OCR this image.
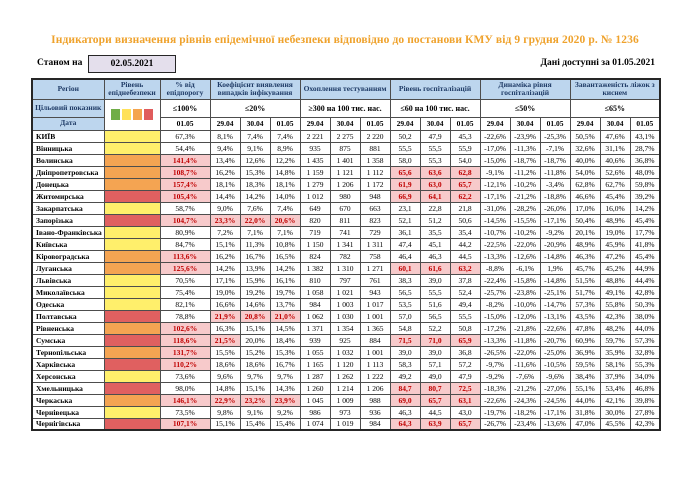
Індикатори визначення рівнів епідемічної небезпеки відповідно до постанови КМУ від 9 грудня 2020 р. № 1236
Станом на	02.05.2021	Дані доступні за 01.05.2021
Регіон	Рівень епіднебезпеки	% від епідпорогу	Коефіцієнт виявлення випадків інфікування			Охоплення тестуванням			Рівень госпіталізацій			Динаміка рівня госпіталізацій			Завантаженість ліжок з киснем		
Цільовий показник		≤100%	≤20%			≥300 на 100 тис. нас.			≤60 на 100 тис. нас.			≤50%			≤65%		
Дата		01.05	29.04	30.04	01.05	29.04	30.04	01.05	29.04	30.04	01.05	29.04	30.04	01.05	29.04	30.04	01.05
КИЇВ		67,3%	8,1%	7,4%	7,4%	2 221	2 275	2 220	50,2	47,9	45,3	-22,6%	-23,9%	-25,3%	50,5%	47,6%	43,1%
Вінницька		54,4%	9,4%	9,1%	8,9%	935	875	881	55,5	55,5	55,9	-17,0%	-11,3%	-7,1%	32,6%	31,1%	28,7%
Волинська		141,4%	13,4%	12,6%	12,2%	1 435	1 401	1 358	58,0	55,3	54,0	-15,0%	-18,7%	-18,7%	40,0%	40,6%	36,8%
Дніпропетровська		108,7%	16,2%	15,3%	14,8%	1 159	1 121	1 112	65,6	63,6	62,8	-9,1%	-11,2%	-11,8%	54,0%	52,6%	48,0%
Донецька		157,4%	18,1%	18,3%	18,1%	1 279	1 206	1 172	61,9	63,0	65,7	-12,1%	-10,2%	-3,4%	62,8%	62,7%	59,8%
Житомирська		105,4%	14,4%	14,2%	14,0%	1 012	980	948	66,9	64,1	62,2	-17,1%	-21,2%	-18,8%	46,6%	45,4%	39,2%
Закарпатська		58,7%	9,0%	7,6%	7,4%	649	670	663	23,1	22,8	21,8	-31,0%	-28,2%	-26,0%	17,0%	16,0%	14,2%
Запорізька		104,7%	23,3%	22,0%	20,6%	820	811	823	52,1	51,2	50,6	-14,5%	-15,5%	-17,1%	50,4%	48,9%	45,4%
Івано-Франківська		80,9%	7,2%	7,1%	7,1%	719	741	729	36,1	35,5	35,4	-10,7%	-10,2%	-9,2%	20,1%	19,0%	17,7%
Київська		84,7%	15,1%	11,3%	10,8%	1 150	1 341	1 311	47,4	45,1	44,2	-22,5%	-22,0%	-20,9%	48,9%	45,9%	41,8%
Кіровоградська		113,6%	16,2%	16,7%	16,5%	824	782	758	46,4	46,3	44,5	-13,3%	-12,6%	-14,8%	46,3%	47,2%	45,4%
Луганська		125,6%	14,2%	13,9%	14,2%	1 382	1 310	1 271	60,1	61,6	63,2	-8,8%	-6,1%	1,9%	45,7%	45,2%	44,9%
Львівська		70,5%	17,1%	15,9%	16,1%	810	797	761	38,3	39,0	37,8	-22,4%	-15,8%	-14,8%	51,5%	48,8%	44,4%
Миколаївська		75,4%	19,0%	19,2%	19,7%	1 058	1 021	943	56,5	55,5	52,4	-25,7%	-23,8%	-25,1%	51,7%	49,1%	42,8%
Одеська		82,1%	16,6%	14,6%	13,7%	984	1 003	1 017	53,5	51,6	49,4	-8,2%	-10,0%	-14,7%	57,3%	55,8%	50,3%
Полтавська		78,8%	21,9%	20,8%	21,0%	1 062	1 030	1 001	57,0	56,5	55,5	-15,0%	-12,0%	-13,1%	43,5%	42,3%	38,0%
Рівненська		102,6%	16,3%	15,1%	14,5%	1 371	1 354	1 365	54,8	52,2	50,8	-17,2%	-21,8%	-22,6%	47,8%	48,2%	44,0%
Сумська		118,6%	21,5%	20,0%	18,4%	939	925	884	71,5	71,0	65,9	-13,3%	-11,8%	-20,7%	60,9%	59,7%	57,3%
Тернопільська		131,7%	15,5%	15,2%	15,3%	1 055	1 032	1 001	39,0	39,0	36,8	-26,5%	-22,0%	-25,0%	36,9%	35,9%	32,8%
Харківська		110,2%	18,6%	18,6%	16,7%	1 165	1 120	1 113	58,3	57,1	57,2	-9,7%	-11,6%	-10,5%	59,5%	58,1%	55,3%
Херсонська		73,6%	9,6%	9,7%	9,7%	1 287	1 262	1 222	49,2	49,0	47,9	-9,2%	-7,6%	-9,6%	38,4%	37,9%	34,0%
Хмельницька		98,0%	14,8%	15,1%	14,3%	1 260	1 214	1 206	84,7	80,7	72,5	-18,3%	-21,2%	-27,0%	55,1%	53,4%	46,8%
Черкаська		146,1%	22,9%	23,2%	23,9%	1 045	1 009	988	69,0	65,7	63,1	-22,6%	-24,3%	-24,5%	44,0%	42,1%	39,8%
Чернівецька		73,5%	9,8%	9,1%	9,2%	986	973	936	46,3	44,5	43,0	-19,7%	-18,2%	-17,1%	31,8%	30,0%	27,8%
Чернігівська		107,1%	15,1%	15,4%	15,4%	1 074	1 019	984	64,3	63,9	65,7	-26,7%	-23,4%	-13,6%	47,0%	45,5%	42,3%
